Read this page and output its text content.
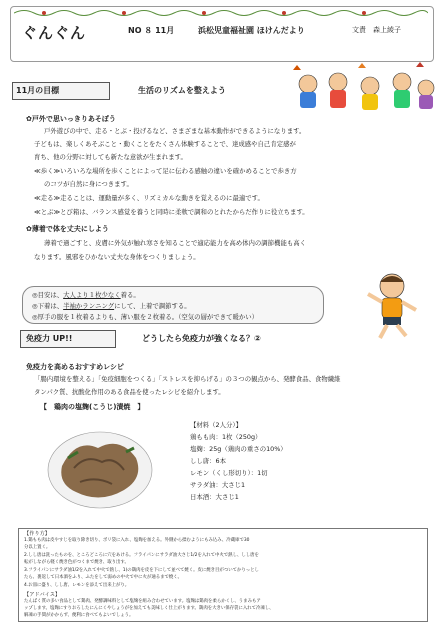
ぐんぐん	NO ８ 11月	浜松児童福祉園 ほけんだより	文責　森上綾子
11月の目標	生活のリズムを整えよう
✿戸外で思いっきりあそぼう
戸外遊びの中で、走る・とぶ・投げるなど、さまざまな基本動作ができるようになります。
子どもは、楽しくあそぶこと・動くことをたくさん体験することで、達成感や自己肯定感が
育ち、他の分野に対しても新たな意欲が生まれます。
≪歩く≫いろいろな場所を歩くことによって足に伝わる感触の違いを確かめることで歩き方
のコツが自然に身につきます。
≪走る≫走ることは、運動量が多く、リズミカルな動きを覚えるのに最適です。
≪とぶ≫とび箱は、バランス感覚を養うと同時に柔軟で調和のとれたからだ作りに役立ちます。
✿薄着で体を丈夫にしよう
薄着で過ごすと、皮膚に外気が触れ寒さを知ることで適応能力を高め体内の調節機能も高く
なります。風邪をひかない丈夫な身体をつくりましょう。
◎目安は、大人より１枚少なく着る。
◎下着は、半袖かランニングにして、上着で調節する。
◎厚手の服を１枚着るよりも、薄い服を２枚着る。（空気の層ができて暖かい）
免疫力 UP!!	どうしたら免疫力が強くなる？②
免疫力を高めるおすすめレシピ
「腸内環境を整える」「免疫細胞をつくる」「ストレスを抑らげる」の３つの観点から、発酵食品、食物繊維
タンパク質、抗酸化作用のある食品を使ったレシピを紹介します。
【　鶏肉の塩麹(こうじ)漬焼　】
【材料（2人分）】
鶏もも肉：1枚（250g）
塩麹：25g（鶏肉の重さの10%）
しし唐：6本
レモン（くし形切り）：1切
サラダ油：大さじ1
日本酒：大さじ1
【作り方】
1.鶏もも肉は皮やすじを取り除き切り、ボリ袋に入れ、塩麹を加える。外側から揉むようにもみ込み、冷蔵庫で30
分以上置く。
2.しし唐は洗ったものを、ところどころに穴をあける。フライパンにサラダ油大さじ1/2を入れて中火で熱し、しし唐を
転がしながら軽く焼き色がつくまで焼き、取り出す。
3.フライパンにサラダ油1/2を入れて中火で熱し、1)の鶏肉を皮を下にして並べて焼く。皮に焼き目がついてかりっとし
たら、裏返して日本酒をふり、ふたをして弱めの中火で中に火が通るまで焼く。
4.お皿に盛り、しし唐、レモンを添えて出来上がり。
【アドバイス】
たんぱく質の多い食品として鶏肉、発酵調味料として塩麹を組み合わせています。塩麹は鶏肉を柔らかくし、うまみもア
ップします。塩麹にすりおろしたにんにくやしょうがを加えても美味しく仕上がります。鶏肉を大きい保存袋に入れて冷凍し、
解凍の手間がかからず、便利に食べてもよいでしょう。
